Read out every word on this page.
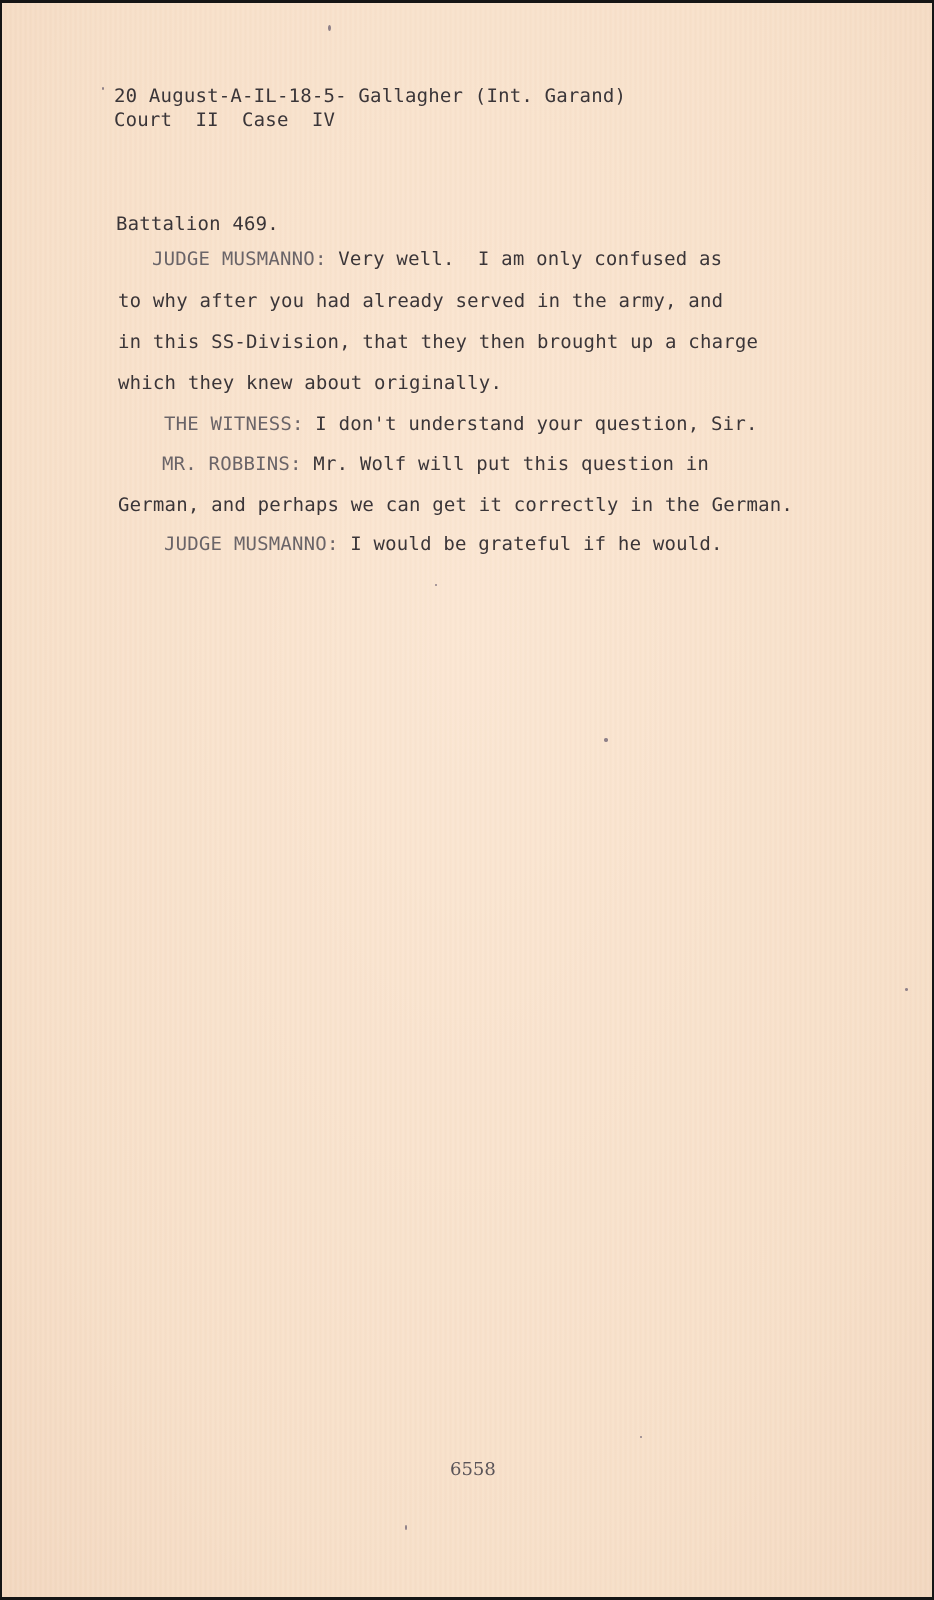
20 August-A-IL-18-5- Gallagher (Int. Garand)
Court  II  Case  IV
Battalion 469.
JUDGE MUSMANNO: Very well.  I am only confused as
to why after you had already served in the army, and
in this SS-Division, that they then brought up a charge
which they knew about originally.
THE WITNESS: I don't understand your question, Sir.
MR. ROBBINS: Mr. Wolf will put this question in
German, and perhaps we can get it correctly in the German.
JUDGE MUSMANNO: I would be grateful if he would.
6558
